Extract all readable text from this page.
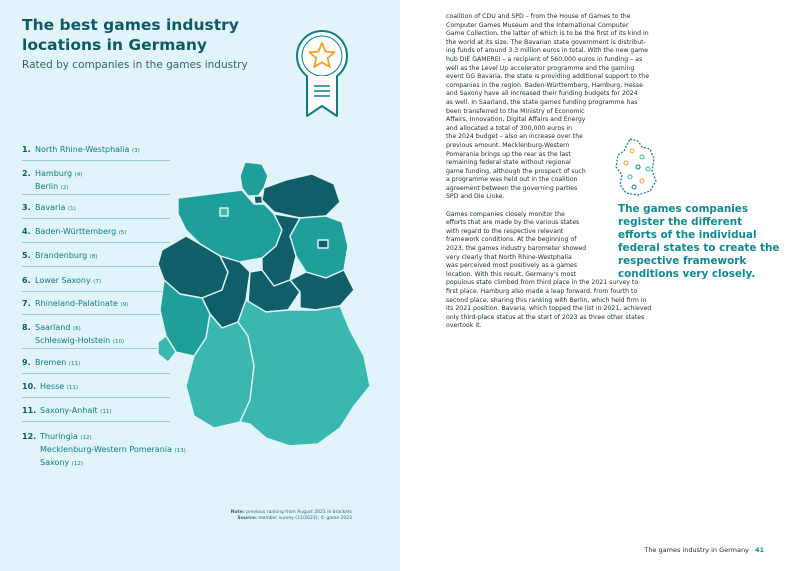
The best games industry locations in Germany
Rated by companies in the games industry
1. North Rhine-Westphalia (3)
2. Hamburg (4)
Berlin (2)
3. Bavaria (1)
4. Baden-Württemberg (5)
5. Brandenburg (8)
6. Lower Saxony (7)
7. Rhineland-Palatinate (9)
8. Saarland (6)
Schleswig-Holstein (10)
9. Bremen (11)
10. Hesse (11)
11. Saxony-Anhalt (11)
12. Thuringia (12)
Mecklenburg-Western Pomerania (13)
Saxony (12)
Note: previous ranking from August 2021 in brackets
Source: member survey (11/2023); © game 2023
coalition of CDU and SPD – from the House of Games to the
Computer Games Museum and the International Computer
Game Collection, the latter of which is to be the first of its kind in
the world at its size. The Bavarian state government is distribut-
ing funds of around 3.3 million euros in total. With the new game
hub DIE GAMEREI – a recipient of 560,000 euros in funding – as
well as the Level Up accelerator programme and the gaming
event GG Bavaria, the state is providing additional support to the
companies in the region. Baden-Württemberg, Hamburg, Hesse
and Saxony have all increased their funding budgets for 2024
as well. In Saarland, the state games funding programme has
been transferred to the Ministry of Economic
Affairs, Innovation, Digital Affairs and Energy
and allocated a total of 300,000 euros in
the 2024 budget – also an increase over the
previous amount. Mecklenburg-Western
Pomerania brings up the rear as the last
remaining federal state without regional
game funding, although the prospect of such
a programme was held out in the coalition
agreement between the governing parties
SPD and Die Linke.
Games companies closely monitor the
efforts that are made by the various states
with regard to the respective relevant
framework conditions. At the beginning of
2023, the games industry barometer showed
very clearly that North Rhine-Westphalia
was perceived most positively as a games
location. With this result, Germany's most
populous state climbed from third place in the 2021 survey to
first place. Hamburg also made a leap forward, from fourth to
second place, sharing this ranking with Berlin, which held firm in
its 2021 position. Bavaria, which topped the list in 2021, achieved
only third-place status at the start of 2023 as three other states
overtook it.
The games companies register the different efforts of the individual federal states to create the respective framework conditions very closely.
The games industry in Germany 41
